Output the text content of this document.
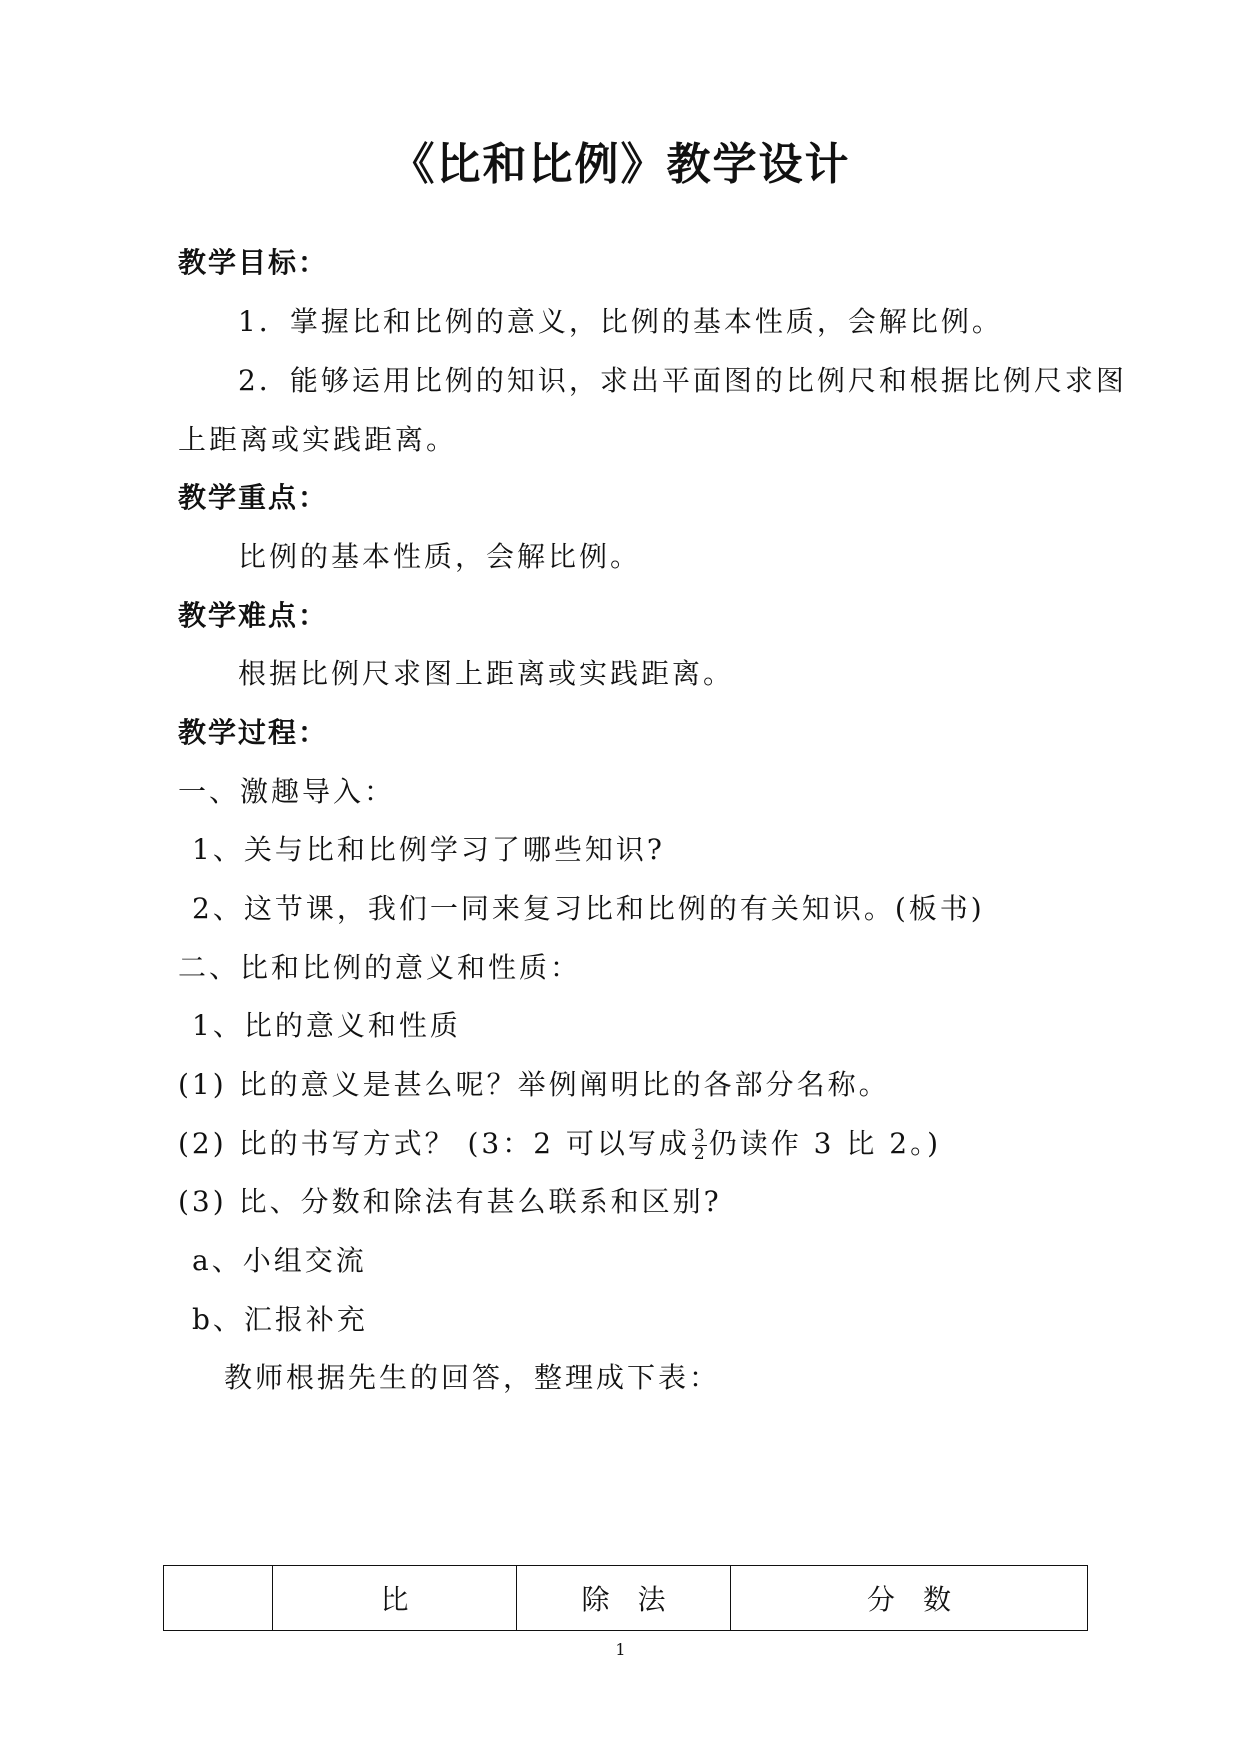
《比和比例》教学设计
教学目标：
1．掌握比和比例的意义，比例的基本性质，会解比例。
2．能够运用比例的知识，求出平面图的比例尺和根据比例尺求图
上距离或实践距离。
教学重点：
比例的基本性质，会解比例。
教学难点：
根据比例尺求图上距离或实践距离。
教学过程：
一、激趣导入：
1、关与比和比例学习了哪些知识?
2、这节课，我们一同来复习比和比例的有关知识。(板书)
二、比和比例的意义和性质：
1、比的意义和性质
(1) 比的意义是甚么呢？举例阐明比的各部分名称。
(2) 比的书写方式？ (3：2 可以写成 $\frac{3}{2}$ 仍读作 3 比 2。)
(3) 比、分数和除法有甚么联系和区别?
a、小组交流
b、汇报补充
教师根据先生的回答，整理成下表：
	比	除　法	分　数
1
